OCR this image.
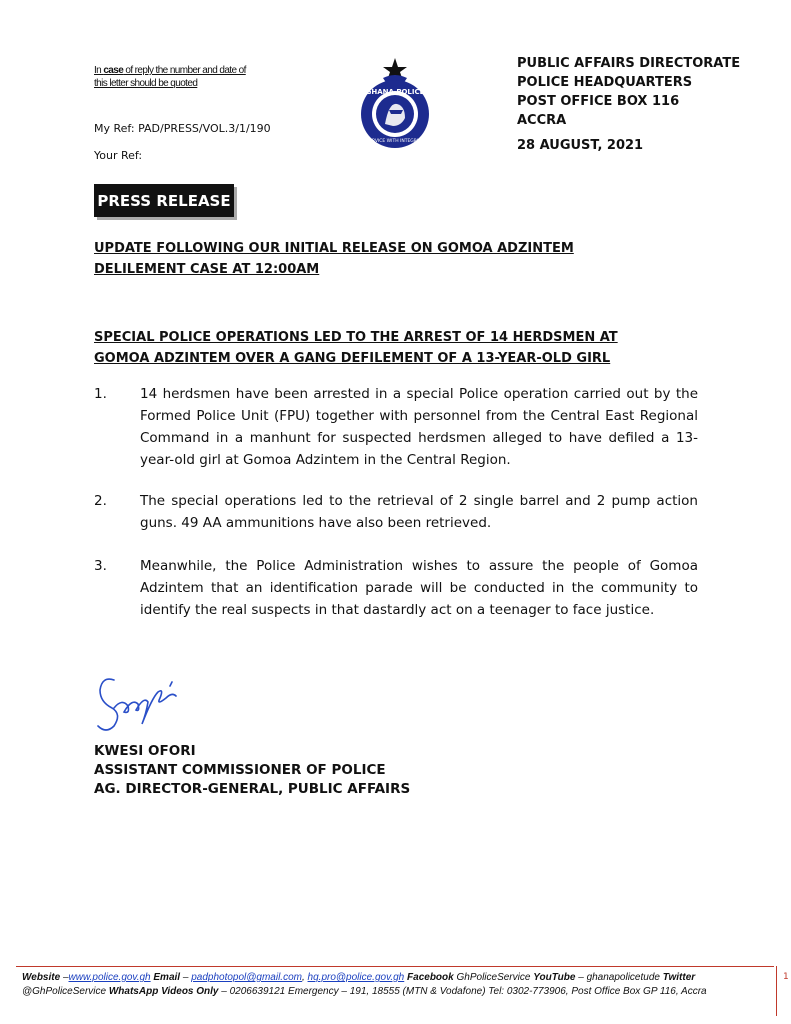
In case of reply the number and date of this letter should be quoted
My Ref: PAD/PRESS/VOL.3/1/190
Your Ref:
GHANA POLICE
SERVICE WITH INTEGRITY
PUBLIC AFFAIRS DIRECTORATE
POLICE HEADQUARTERS
POST OFFICE BOX 116
ACCRA
28 AUGUST, 2021
PRESS RELEASE
UPDATE FOLLOWING OUR INITIAL RELEASE ON GOMOA ADZINTEM
DELILEMENT CASE AT 12:00AM
SPECIAL POLICE OPERATIONS LED TO THE ARREST OF 14 HERDSMEN AT
GOMOA ADZINTEM OVER A GANG DEFILEMENT OF A 13-YEAR-OLD GIRL
1. 14 herdsmen have been arrested in a special Police operation carried out by the Formed Police Unit (FPU) together with personnel from the Central East Regional Command in a manhunt for suspected herdsmen alleged to have defiled a 13-year-old girl at Gomoa Adzintem in the Central Region.
2. The special operations led to the retrieval of 2 single barrel and 2 pump action guns. 49 AA ammunitions have also been retrieved.
3. Meanwhile, the Police Administration wishes to assure the people of Gomoa Adzintem that an identification parade will be conducted in the community to identify the real suspects in that dastardly act on a teenager to face justice.
KWESI OFORI
ASSISTANT COMMISSIONER OF POLICE
AG. DIRECTOR-GENERAL, PUBLIC AFFAIRS
Website –www.police.gov.gh Email – padphotopol@gmail.com, hq.pro@police.gov.gh Facebook GhPoliceService YouTube – ghanapolicetude Twitter @GhPoliceService WhatsApp Videos Only – 0206639121 Emergency – 191, 18555 (MTN & Vodafone) Tel: 0302-773906, Post Office Box GP 116, Accra
1
